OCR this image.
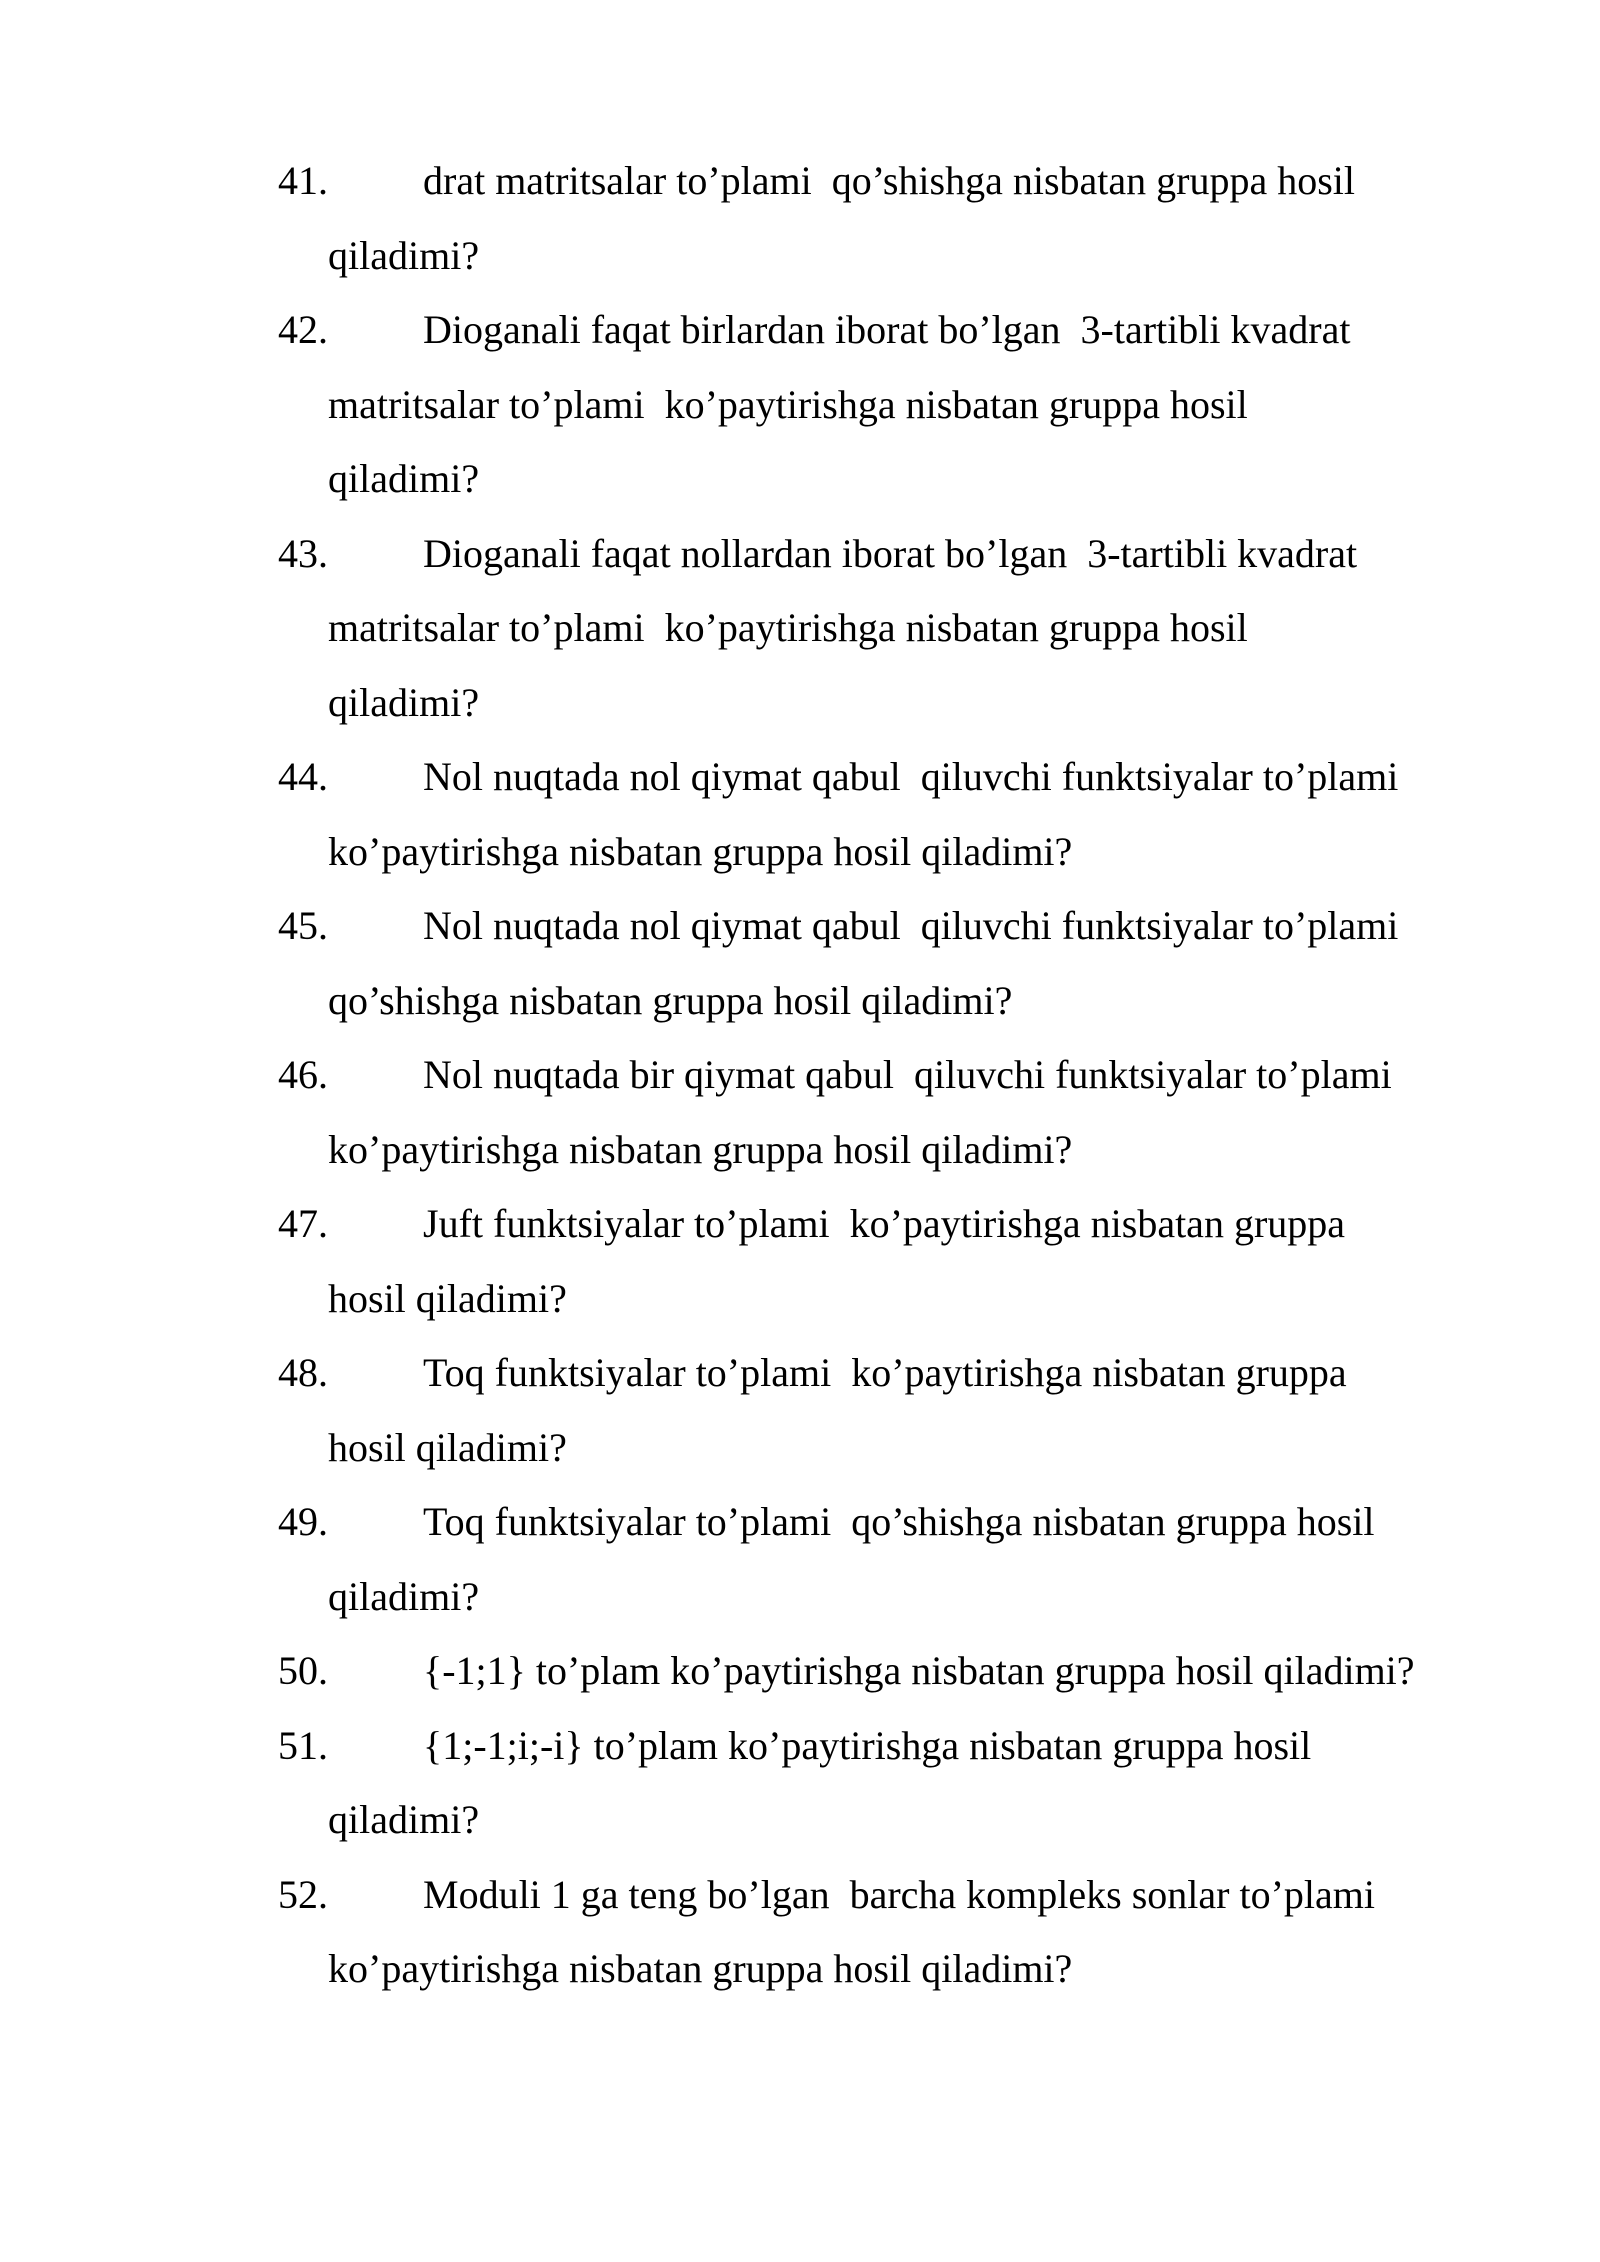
41.	drat matritsalar to’plami  qo’shishga nisbatan gruppa hosil
qiladimi?
42.	Dioganali faqat birlardan iborat bo’lgan  3-tartibli kvadrat
matritsalar to’plami  ko’paytirishga nisbatan gruppa hosil
qiladimi?
43.	Dioganali faqat nollardan iborat bo’lgan  3-tartibli kvadrat
matritsalar to’plami  ko’paytirishga nisbatan gruppa hosil
qiladimi?
44.	Nol nuqtada nol qiymat qabul  qiluvchi funktsiyalar to’plami
ko’paytirishga nisbatan gruppa hosil qiladimi?
45.	Nol nuqtada nol qiymat qabul  qiluvchi funktsiyalar to’plami
qo’shishga nisbatan gruppa hosil qiladimi?
46.	Nol nuqtada bir qiymat qabul  qiluvchi funktsiyalar to’plami
ko’paytirishga nisbatan gruppa hosil qiladimi?
47.	Juft funktsiyalar to’plami  ko’paytirishga nisbatan gruppa
hosil qiladimi?
48.	Toq funktsiyalar to’plami  ko’paytirishga nisbatan gruppa
hosil qiladimi?
49.	Toq funktsiyalar to’plami  qo’shishga nisbatan gruppa hosil
qiladimi?
50.	{-1;1} to’plam ko’paytirishga nisbatan gruppa hosil qiladimi?
51.	{1;-1;i;-i} to’plam ko’paytirishga nisbatan gruppa hosil
qiladimi?
52.	Moduli 1 ga teng bo’lgan  barcha kompleks sonlar to’plami
ko’paytirishga nisbatan gruppa hosil qiladimi?
